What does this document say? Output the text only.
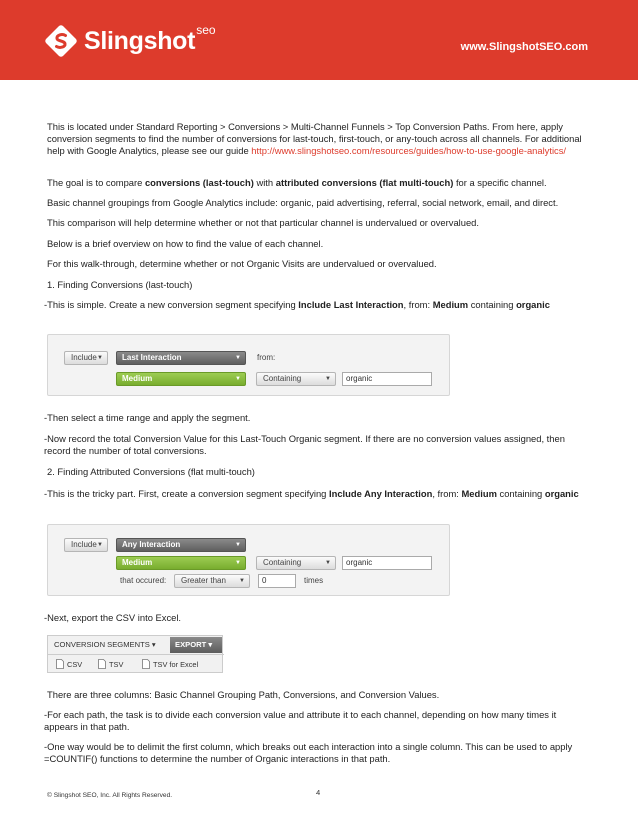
Slingshot seo
www.SlingshotSEO.com
This is located under Standard Reporting > Conversions > Multi-Channel Funnels > Top Conversion Paths. From here, apply conversion segments to find the number of conversions for last-touch, first-touch, or any-touch across all channels. For additional help with Google Analytics, please see our guide http://www.slingshotseo.com/resources/guides/how-to-use-google-analytics/
The goal is to compare conversions (last-touch) with attributed conversions (flat multi-touch) for a specific channel.
Basic channel groupings from Google Analytics include: organic, paid advertising, referral, social network, email, and direct.
This comparison will help determine whether or not that particular channel is undervalued or overvalued.
Below is a brief overview on how to find the value of each channel.
For this walk-through, determine whether or not Organic Visits are undervalued or overvalued.
1. Finding Conversions (last-touch)
-This is simple. Create a new conversion segment specifying Include Last Interaction, from: Medium containing organic
Include ▼	Last Interaction	▼ from:
Medium	▼	Containing	▼	organic
-Then select a time range and apply the segment.
-Now record the total Conversion Value for this Last-Touch Organic segment. If there are no conversion values assigned, then record the number of total conversions.
2. Finding Attributed Conversions (flat multi-touch)
-This is the tricky part. First, create a conversion segment specifying Include Any Interaction, from: Medium containing organic
Include ▼	Any Interaction	▼
Medium	▼	Containing	▼	organic
that occured:	Greater than ▼	0	times
-Next, export the CSV into Excel.
CONVERSION SEGMENTS ▾	EXPORT ▾
CSV	TSV	TSV for Excel
There are three columns: Basic Channel Grouping Path, Conversions, and Conversion Values.
-For each path, the task is to divide each conversion value and attribute it to each channel, depending on how many times it appears in that path.
-One way would be to delimit the first column, which breaks out each interaction into a single column. This can be used to apply =COUNTIF() functions to determine the number of Organic interactions in that path.
© Slingshot SEO, Inc. All Rights Reserved.	4
